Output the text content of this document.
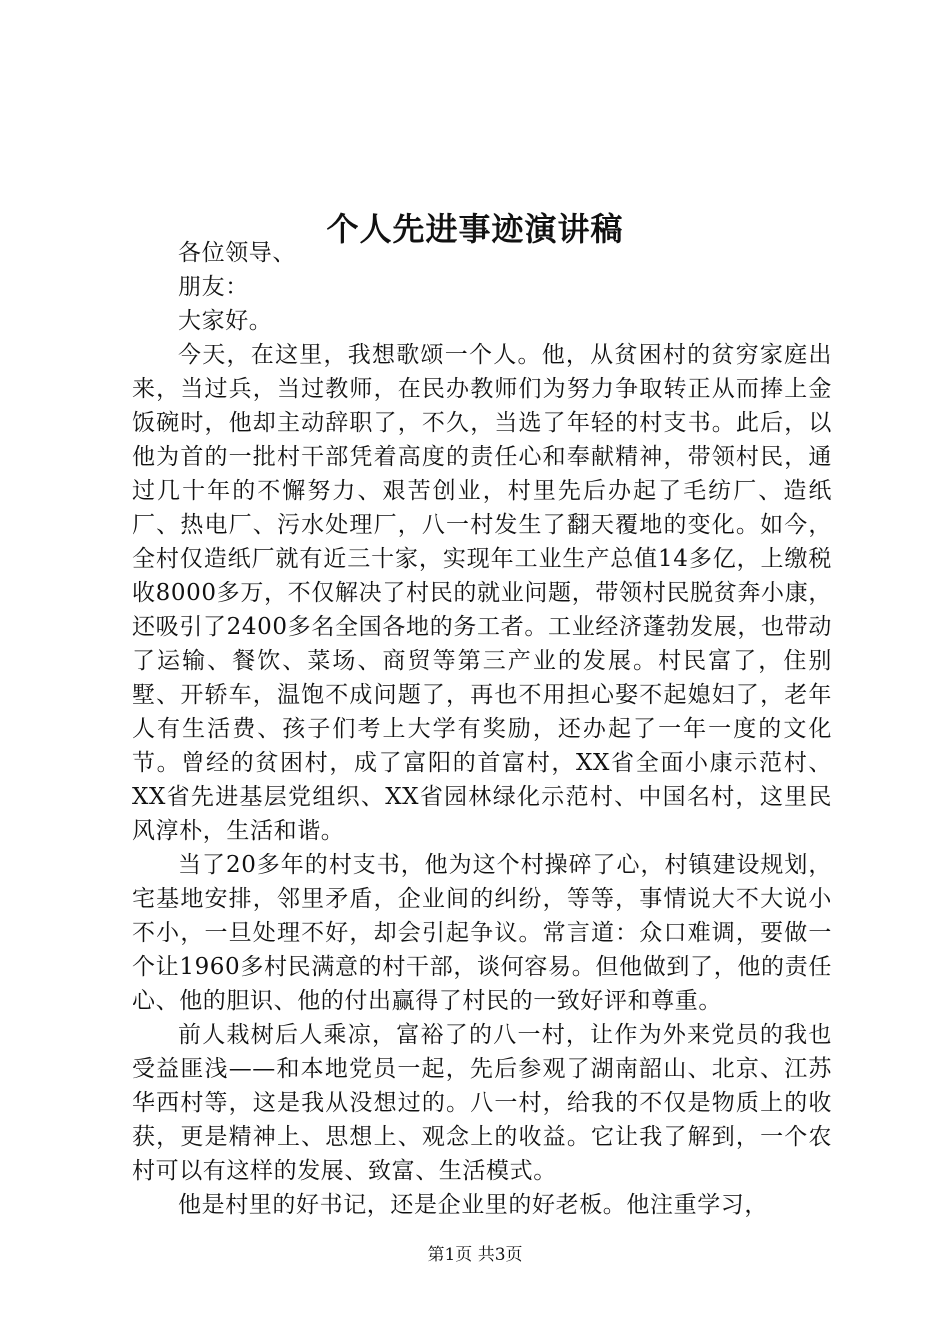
个人先进事迹演讲稿

各位领导、

朋友：

大家好。

今天，在这里，我想歌颂一个人。他，从贫困村的贫穷家庭出来，当过兵，当过教师，在民办教师们为努力争取转正从而捧上金饭碗时，他却主动辞职了，不久，当选了年轻的村支书。此后，以他为首的一批村干部凭着高度的责任心和奉献精神，带领村民，通过几十年的不懈努力、艰苦创业，村里先后办起了毛纺厂、造纸厂、热电厂、污水处理厂，八一村发生了翻天覆地的变化。如今，全村仅造纸厂就有近三十家，实现年工业生产总值14多亿，上缴税收8000多万，不仅解决了村民的就业问题，带领村民脱贫奔小康，还吸引了2400多名全国各地的务工者。工业经济蓬勃发展，也带动了运输、餐饮、菜场、商贸等第三产业的发展。村民富了，住别墅、开轿车，温饱不成问题了，再也不用担心娶不起媳妇了，老年人有生活费、孩子们考上大学有奖励，还办起了一年一度的文化节。曾经的贫困村，成了富阳的首富村，XX省全面小康示范村、XX省先进基层党组织、XX省园林绿化示范村、中国名村，这里民风淳朴，生活和谐。

当了20多年的村支书，他为这个村操碎了心，村镇建设规划，宅基地安排，邻里矛盾，企业间的纠纷，等等，事情说大不大说小不小，一旦处理不好，却会引起争议。常言道：众口难调，要做一个让1960多村民满意的村干部，谈何容易。但他做到了，他的责任心、他的胆识、他的付出赢得了村民的一致好评和尊重。

前人栽树后人乘凉，富裕了的八一村，让作为外来党员的我也受益匪浅——和本地党员一起，先后参观了湖南韶山、北京、江苏华西村等，这是我从没想过的。八一村，给我的不仅是物质上的收获，更是精神上、思想上、观念上的收益。它让我了解到，一个农村可以有这样的发展、致富、生活模式。

他是村里的好书记，还是企业里的好老板。他注重学习，

第1页 共3页
